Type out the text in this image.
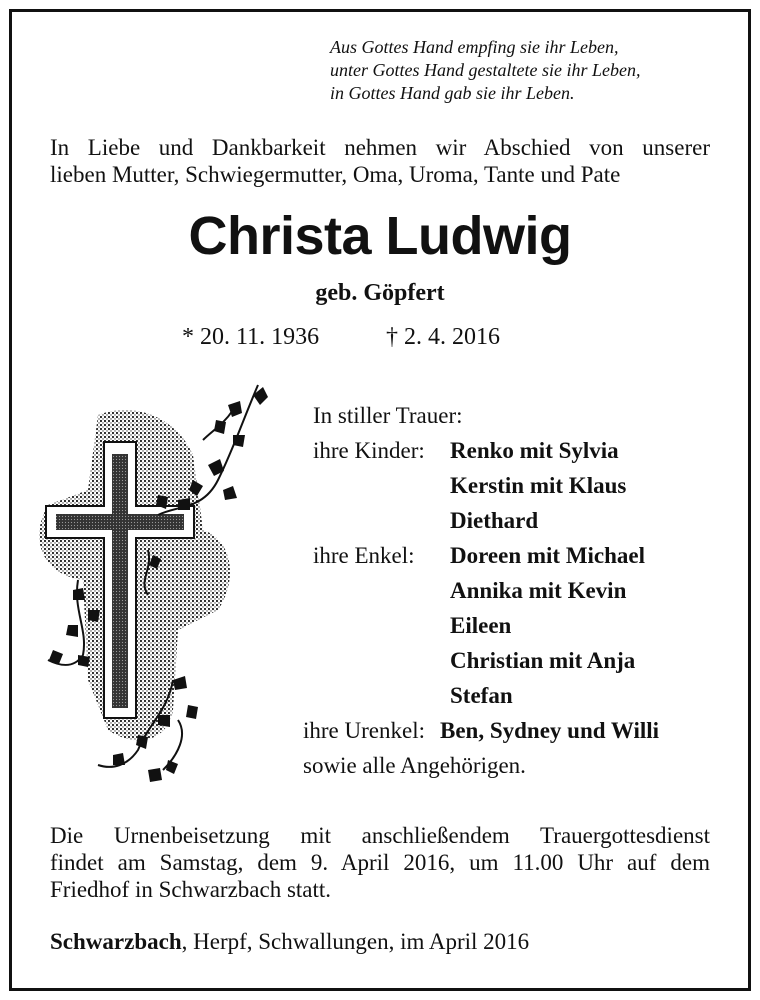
Aus Gottes Hand empfing sie ihr Leben,
unter Gottes Hand gestaltete sie ihr Leben,
in Gottes Hand gab sie ihr Leben.
In Liebe und Dankbarkeit nehmen wir Abschied von unserer
lieben Mutter, Schwiegermutter, Oma, Uroma, Tante und Pate
Christa Ludwig
geb. Göpfert
* 20. 11. 1936	† 2. 4. 2016
In stiller Trauer:
ihre Kinder: Renko mit Sylvia
Kerstin mit Klaus
Diethard
ihre Enkel: Doreen mit Michael
Annika mit Kevin
Eileen
Christian mit Anja
Stefan
ihre Urenkel: Ben, Sydney und Willi
sowie alle Angehörigen.
Die Urnenbeisetzung mit anschließendem Trauergottesdienst
findet am Samstag, dem 9. April 2016, um 11.00 Uhr auf dem
Friedhof in Schwarzbach statt.
Schwarzbach, Herpf, Schwallungen, im April 2016
